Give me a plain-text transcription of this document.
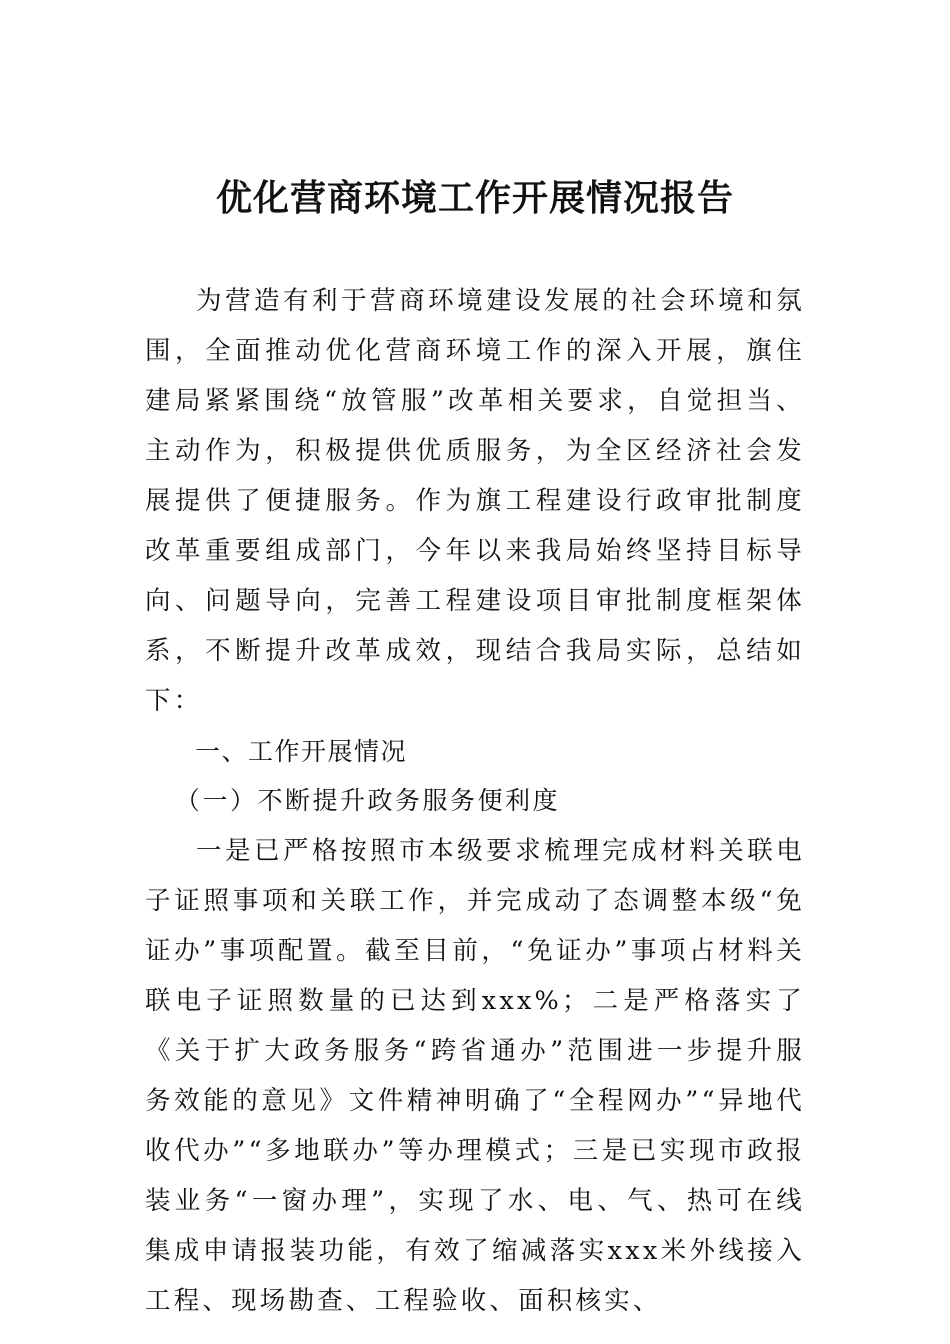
优化营商环境工作开展情况报告

为营造有利于营商环境建设发展的社会环境和氛围，全面推动优化营商环境工作的深入开展，旗住建局紧紧围绕“放管服”改革相关要求，自觉担当、主动作为，积极提供优质服务，为全区经济社会发展提供了便捷服务。作为旗工程建设行政审批制度改革重要组成部门，今年以来我局始终坚持目标导向、问题导向，完善工程建设项目审批制度框架体系，不断提升改革成效，现结合我局实际，总结如下：

一、工作开展情况

（一）不断提升政务服务便利度

一是已严格按照市本级要求梳理完成材料关联电子证照事项和关联工作，并完成动了态调整本级“免证办”事项配置。截至目前，“免证办”事项占材料关联电子证照数量的已达到xxx%；二是严格落实了《关于扩大政务服务“跨省通办”范围进一步提升服务效能的意见》文件精神明确了“全程网办”“异地代收代办”“多地联办”等办理模式；三是已实现市政报装业务“一窗办理”，实现了水、电、气、热可在线集成申请报装功能，有效了缩减落实xxx米外线接入工程、现场勘查、工程验收、面积核实、
